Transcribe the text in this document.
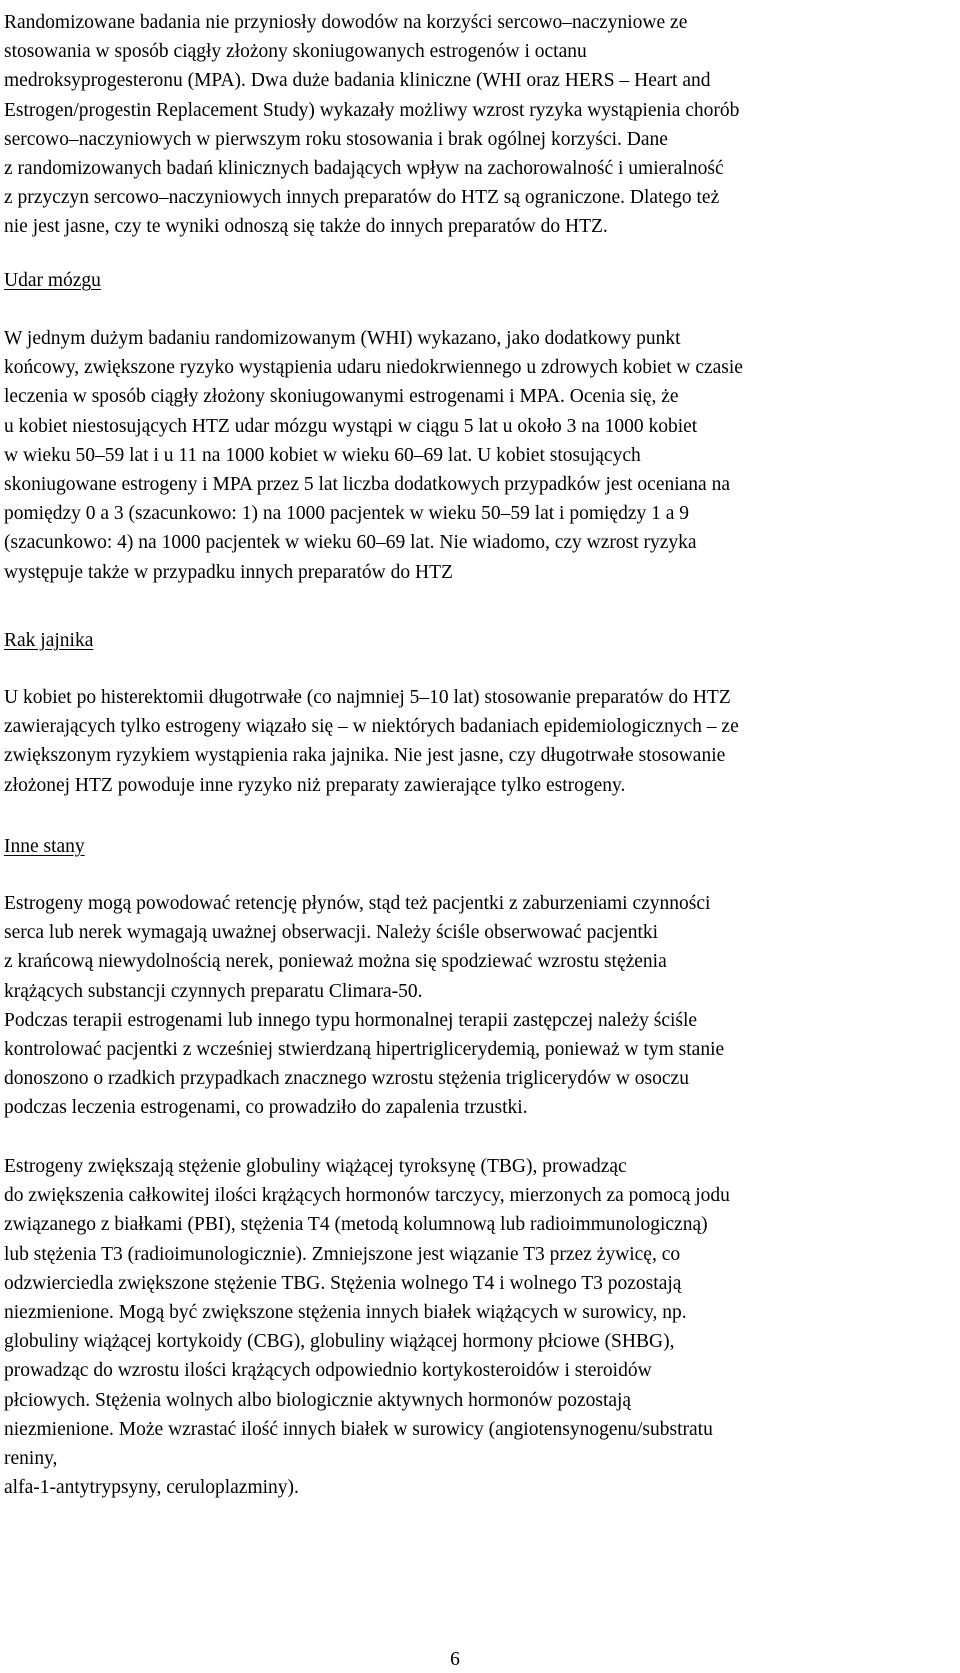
Randomizowane badania nie przyniosły dowodów na korzyści sercowo–naczyniowe ze
stosowania w sposób ciągły złożony skoniugowanych estrogenów i octanu
medroksyprogesteronu (MPA). Dwa duże badania kliniczne (WHI oraz HERS – Heart and
Estrogen/progestin Replacement Study) wykazały możliwy wzrost ryzyka wystąpienia chorób
sercowo–naczyniowych w pierwszym roku stosowania i brak ogólnej korzyści. Dane
z randomizowanych badań klinicznych badających wpływ na zachorowalność i umieralność
z przyczyn sercowo–naczyniowych innych preparatów do HTZ są ograniczone. Dlatego też
nie jest jasne, czy te wyniki odnoszą się także do innych preparatów do HTZ.
Udar mózgu
W jednym dużym badaniu randomizowanym (WHI) wykazano, jako dodatkowy punkt
końcowy, zwiększone ryzyko wystąpienia udaru niedokrwiennego u zdrowych kobiet w czasie
leczenia w sposób ciągły złożony skoniugowanymi estrogenami i MPA. Ocenia się, że
u kobiet niestosujących HTZ udar mózgu wystąpi w ciągu 5 lat u około 3 na 1000 kobiet
w wieku 50–59 lat i u 11 na 1000 kobiet w wieku 60–69 lat. U kobiet stosujących
skoniugowane estrogeny i MPA przez 5 lat liczba dodatkowych przypadków jest oceniana na
pomiędzy 0 a 3 (szacunkowo: 1) na 1000 pacjentek w wieku 50–59 lat i pomiędzy 1 a 9
(szacunkowo: 4) na 1000 pacjentek w wieku 60–69 lat. Nie wiadomo, czy wzrost ryzyka
występuje także w przypadku innych preparatów do HTZ
Rak jajnika
U kobiet po histerektomii długotrwałe (co najmniej 5–10 lat) stosowanie preparatów do HTZ
zawierających tylko estrogeny wiązało się – w niektórych badaniach epidemiologicznych – ze
zwiększonym ryzykiem wystąpienia raka jajnika. Nie jest jasne, czy długotrwałe stosowanie
złożonej HTZ powoduje inne ryzyko niż preparaty zawierające tylko estrogeny.
Inne stany
Estrogeny mogą powodować retencję płynów, stąd też pacjentki z zaburzeniami czynności
serca lub nerek wymagają uważnej obserwacji. Należy ściśle obserwować pacjentki
z krańcową niewydolnością nerek, ponieważ można się spodziewać wzrostu stężenia
krążących substancji czynnych preparatu Climara-50.
Podczas terapii estrogenami lub innego typu hormonalnej terapii zastępczej należy ściśle
kontrolować pacjentki z wcześniej stwierdzaną hipertriglicerydemią, ponieważ w tym stanie
donoszono o rzadkich przypadkach znacznego wzrostu stężenia triglicerydów w osoczu
podczas leczenia estrogenami, co prowadziło do zapalenia trzustki.
Estrogeny zwiększają stężenie globuliny wiążącej tyroksynę (TBG), prowadząc
do zwiększenia całkowitej ilości krążących hormonów tarczycy, mierzonych za pomocą jodu
związanego z białkami (PBI), stężenia T4 (metodą kolumnową lub radioimmunologiczną)
lub stężenia T3 (radioimunologicznie). Zmniejszone jest wiązanie T3 przez żywicę, co
odzwierciedla zwiększone stężenie TBG. Stężenia wolnego T4 i wolnego T3 pozostają
niezmienione. Mogą być zwiększone stężenia innych białek wiążących w surowicy, np.
globuliny wiążącej kortykoidy (CBG), globuliny wiążącej hormony płciowe (SHBG),
prowadząc do wzrostu ilości krążących odpowiednio kortykosteroidów i steroidów
płciowych. Stężenia wolnych albo biologicznie aktywnych hormonów pozostają
niezmienione. Może wzrastać ilość innych białek w surowicy (angiotensynogenu/substratu
reniny,
alfa-1-antytrypsyny, ceruloplazminy).
6
